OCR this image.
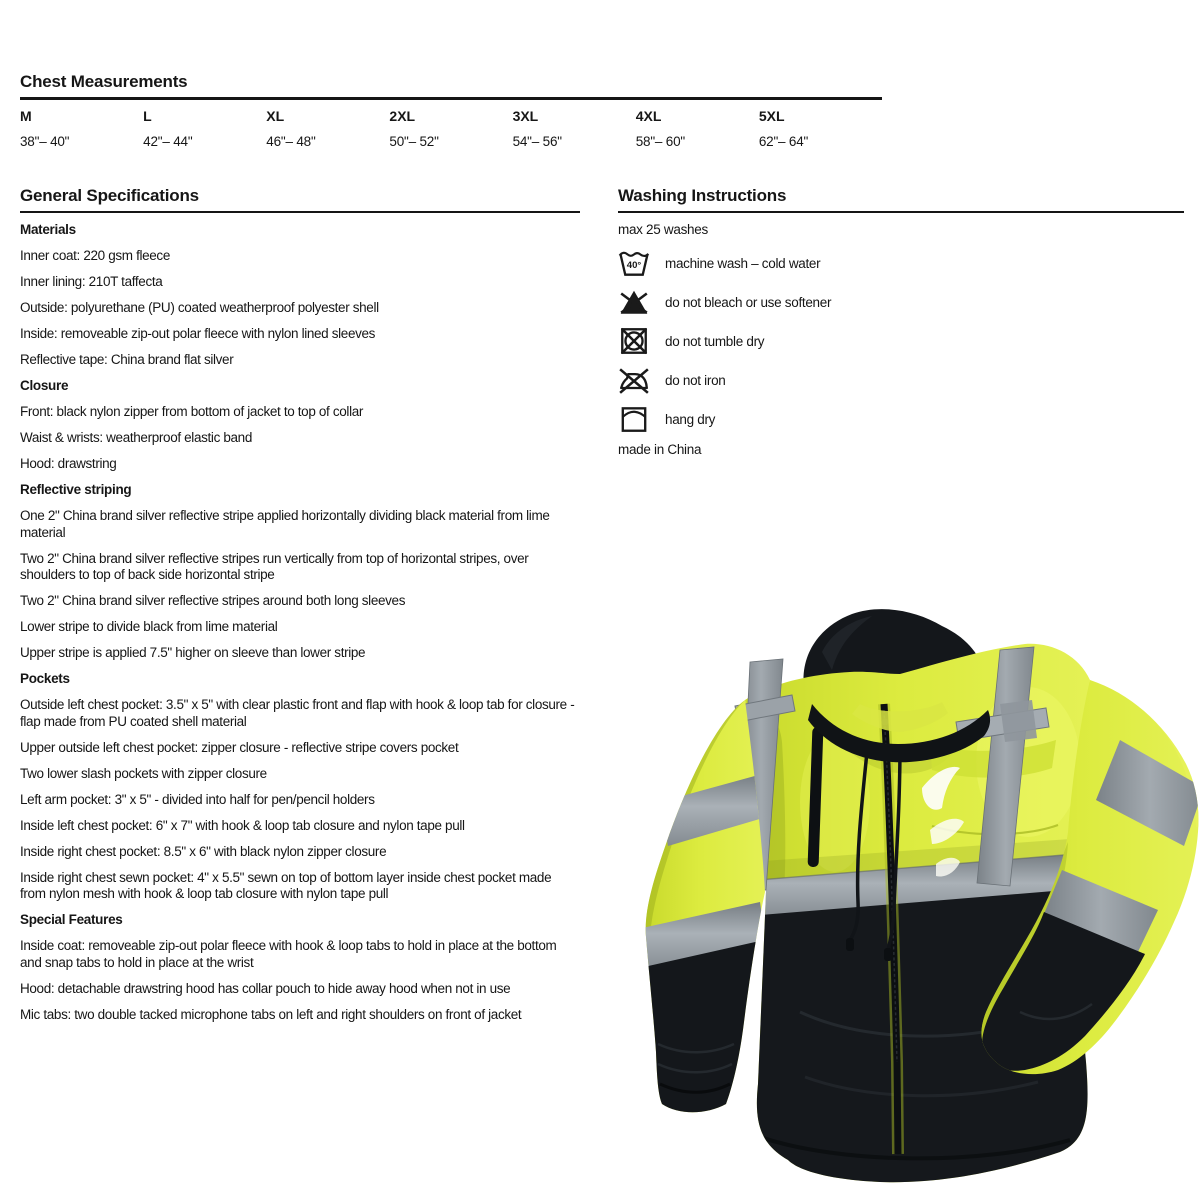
Chest Measurements
M	L	XL	2XL	3XL	4XL	5XL
38"– 40"	42"– 44"	46"– 48"	50"– 52"	54"– 56"	58"– 60"	62"– 64"
General Specifications

Materials

Inner coat: 220 gsm fleece

Inner lining: 210T taffecta

Outside: polyurethane (PU) coated weatherproof polyester shell

Inside: removeable zip-out polar fleece with nylon lined sleeves

Reflective tape: China brand flat silver

Closure

Front: black nylon zipper from bottom of jacket to top of collar

Waist & wrists: weatherproof elastic band

Hood: drawstring

Reflective striping

One 2" China brand silver reflective stripe applied horizontally dividing black material from lime material

Two 2" China brand silver reflective stripes run vertically from top of horizontal stripes, over shoulders to top of back side horizontal stripe

Two 2" China brand silver reflective stripes around both long sleeves

Lower stripe to divide black from lime material

Upper stripe is applied 7.5" higher on sleeve than lower stripe

Pockets

Outside left chest pocket: 3.5" x 5" with clear plastic front and flap with hook & loop tab for closure - flap made from PU coated shell material

Upper outside left chest pocket: zipper closure - reflective stripe covers pocket

Two lower slash pockets with zipper closure

Left arm pocket: 3" x 5" - divided into half for pen/pencil holders

Inside left chest pocket: 6" x 7" with hook & loop tab closure and nylon tape pull

Inside right chest pocket: 8.5" x 6" with black nylon zipper closure

Inside right chest sewn pocket: 4" x 5.5" sewn on top of bottom layer inside chest pocket made from nylon mesh with hook & loop tab closure with nylon tape pull

Special Features

Inside coat: removeable zip-out polar fleece with hook & loop tabs to hold in place at the bottom and snap tabs to hold in place at the wrist

Hood: detachable drawstring hood has collar pouch to hide away hood when not in use

Mic tabs: two double tacked microphone tabs on left and right shoulders on front of jacket

Washing Instructions
max 25 washes
40° machine wash – cold water
do not bleach or use softener
do not tumble dry
do not iron
hang dry
made in China
